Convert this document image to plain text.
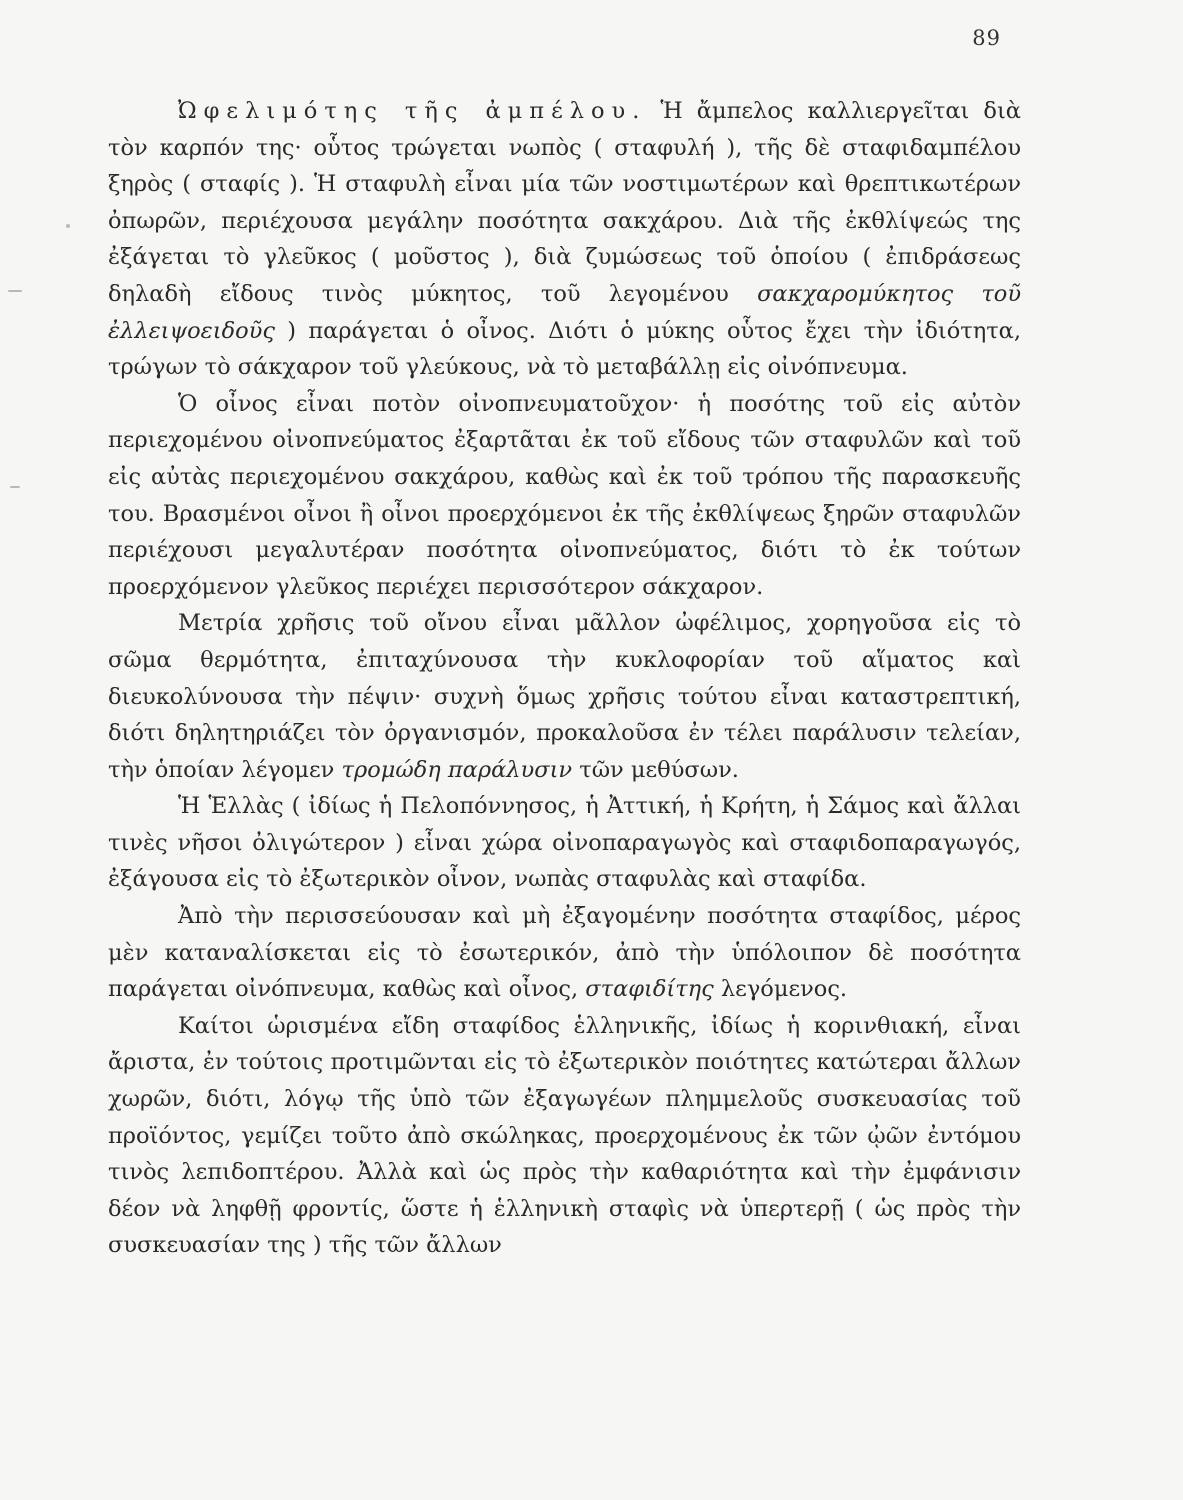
89

Ὠφελιμότης τῆς ἀμπέλου. Ἡ ἄμπελος καλλιεργεῖται διὰ τὸν καρπόν της· οὗτος τρώγεται νωπὸς ( σταφυλή ), τῆς δὲ σταφιδαμπέλου ξηρὸς ( σταφίς ). Ἡ σταφυλὴ εἶναι μία τῶν νοστιμωτέρων καὶ θρεπτικωτέρων ὀπωρῶν, περιέχουσα μεγάλην ποσότητα σακχάρου. Διὰ τῆς ἐκθλίψεώς της ἐξάγεται τὸ γλεῦκος ( μοῦστος ), διὰ ζυμώσεως τοῦ ὁποίου ( ἐπιδράσεως δηλαδὴ εἴδους τινὸς μύκητος, τοῦ λεγομένου σακχαρομύκητος τοῦ ἐλλειψοειδοῦς ) παράγεται ὁ οἶνος. Διότι ὁ μύκης οὗτος ἔχει τὴν ἰδιότητα, τρώγων τὸ σάκχαρον τοῦ γλεύκους, νὰ τὸ μεταβάλλῃ εἰς οἰνόπνευμα.

Ὁ οἶνος εἶναι ποτὸν οἰνοπνευματοῦχον· ἡ ποσότης τοῦ εἰς αὐτὸν περιεχομένου οἰνοπνεύματος ἐξαρτᾶται ἐκ τοῦ εἴδους τῶν σταφυλῶν καὶ τοῦ εἰς αὐτὰς περιεχομένου σακχάρου, καθὼς καὶ ἐκ τοῦ τρόπου τῆς παρασκευῆς του. Βρασμένοι οἶνοι ἢ οἶνοι προερχόμενοι ἐκ τῆς ἐκθλίψεως ξηρῶν σταφυλῶν περιέχουσι μεγαλυτέραν ποσότητα οἰνοπνεύματος, διότι τὸ ἐκ τούτων προερχόμενον γλεῦκος περιέχει περισσότερον σάκχαρον.

Μετρία χρῆσις τοῦ οἴνου εἶναι μᾶλλον ὠφέλιμος, χορηγοῦσα εἰς τὸ σῶμα θερμότητα, ἐπιταχύνουσα τὴν κυκλοφορίαν τοῦ αἵματος καὶ διευκολύνουσα τὴν πέψιν· συχνὴ ὅμως χρῆσις τούτου εἶναι καταστρεπτική, διότι δηλητηριάζει τὸν ὀργανισμόν, προκαλοῦσα ἐν τέλει παράλυσιν τελείαν, τὴν ὁποίαν λέγομεν τρομώδη παράλυσιν τῶν μεθύσων.

Ἡ Ἑλλὰς ( ἰδίως ἡ Πελοπόννησος, ἡ Ἀττική, ἡ Κρήτη, ἡ Σάμος καὶ ἄλλαι τινὲς νῆσοι ὀλιγώτερον ) εἶναι χώρα οἰνοπαραγωγὸς καὶ σταφιδοπαραγωγός, ἐξάγουσα εἰς τὸ ἐξωτερικὸν οἶνον, νωπὰς σταφυλὰς καὶ σταφίδα.

Ἀπὸ τὴν περισσεύουσαν καὶ μὴ ἐξαγομένην ποσότητα σταφίδος, μέρος μὲν καταναλίσκεται εἰς τὸ ἐσωτερικόν, ἀπὸ τὴν ὑπόλοιπον δὲ ποσότητα παράγεται οἰνόπνευμα, καθὼς καὶ οἶνος, σταφιδίτης λεγόμενος.

Καίτοι ὡρισμένα εἴδη σταφίδος ἑλληνικῆς, ἰδίως ἡ κορινθιακή, εἶναι ἄριστα, ἐν τούτοις προτιμῶνται εἰς τὸ ἐξωτερικὸν ποιότητες κατώτεραι ἄλλων χωρῶν, διότι, λόγῳ τῆς ὑπὸ τῶν ἐξαγωγέων πλημμελοῦς συσκευασίας τοῦ προϊόντος, γεμίζει τοῦτο ἀπὸ σκώληκας, προερχομένους ἐκ τῶν ᾠῶν ἐντόμου τινὸς λεπιδοπτέρου. Ἀλλὰ καὶ ὡς πρὸς τὴν καθαριότητα καὶ τὴν ἐμφάνισιν δέον νὰ ληφθῇ φροντίς, ὥστε ἡ ἑλληνικὴ σταφὶς νὰ ὑπερτερῇ ( ὡς πρὸς τὴν συσκευασίαν της ) τῆς τῶν ἄλλων
